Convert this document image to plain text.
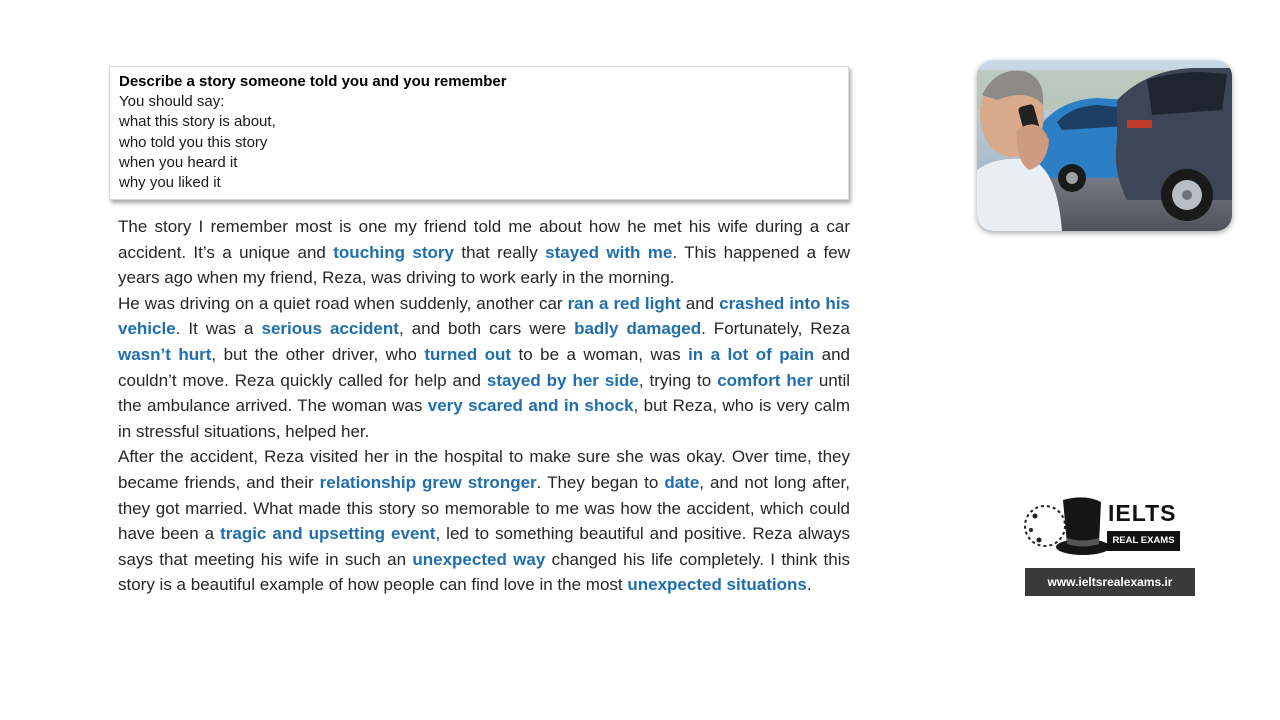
Describe a story someone told you and you remember
You should say:
what this story is about,
who told you this story
when you heard it
why you liked it

The story I remember most is one my friend told me about how he met his wife during a car accident. It’s a unique and touching story that really stayed with me. This happened a few years ago when my friend, Reza, was driving to work early in the morning.

He was driving on a quiet road when suddenly, another car ran a red light and crashed into his vehicle. It was a serious accident, and both cars were badly damaged. Fortunately, Reza wasn’t hurt, but the other driver, who turned out to be a woman, was in a lot of pain and couldn’t move. Reza quickly called for help and stayed by her side, trying to comfort her until the ambulance arrived. The woman was very scared and in shock, but Reza, who is very calm in stressful situations, helped her.

After the accident, Reza visited her in the hospital to make sure she was okay. Over time, they became friends, and their relationship grew stronger. They began to date, and not long after, they got married. What made this story so memorable to me was how the accident, which could have been a tragic and upsetting event, led to something beautiful and positive. Reza always says that meeting his wife in such an unexpected way changed his life completely. I think this story is a beautiful example of how people can find love in the most unexpected situations.

IELTS
REAL EXAMS
www.ieltsrealexams.ir
